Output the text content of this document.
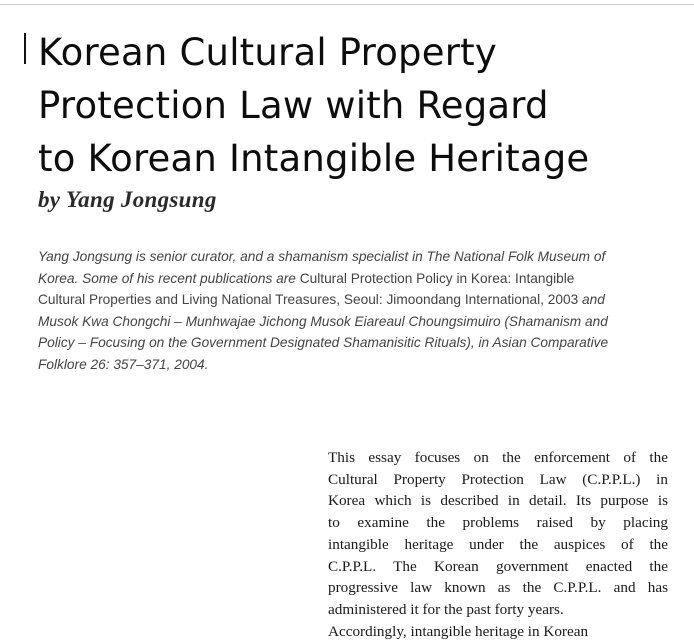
Korean Cultural Property
Protection Law with Regard
to Korean Intangible Heritage

by Yang Jongsung

Yang Jongsung is senior curator, and a shamanism specialist in The National Folk Museum of
Korea. Some of his recent publications are Cultural Protection Policy in Korea: Intangible
Cultural Properties and Living National Treasures, Seoul: Jimoondang International, 2003 and
Musok Kwa Chongchi – Munhwajae Jichong Musok Eiareaul Choungsimuiro (Shamanism and
Policy – Focusing on the Government Designated Shamanisitic Rituals), in Asian Comparative
Folklore 26: 357–371, 2004.

This essay focuses on the enforcement of the
Cultural Property Protection Law (C.P.P.L.) in
Korea which is described in detail. Its purpose is
to examine the problems raised by placing
intangible heritage under the auspices of the
C.P.P.L. The Korean government enacted the
progressive law known as the C.P.P.L. and has
administered it for the past forty years.
Accordingly, intangible heritage in Korean
